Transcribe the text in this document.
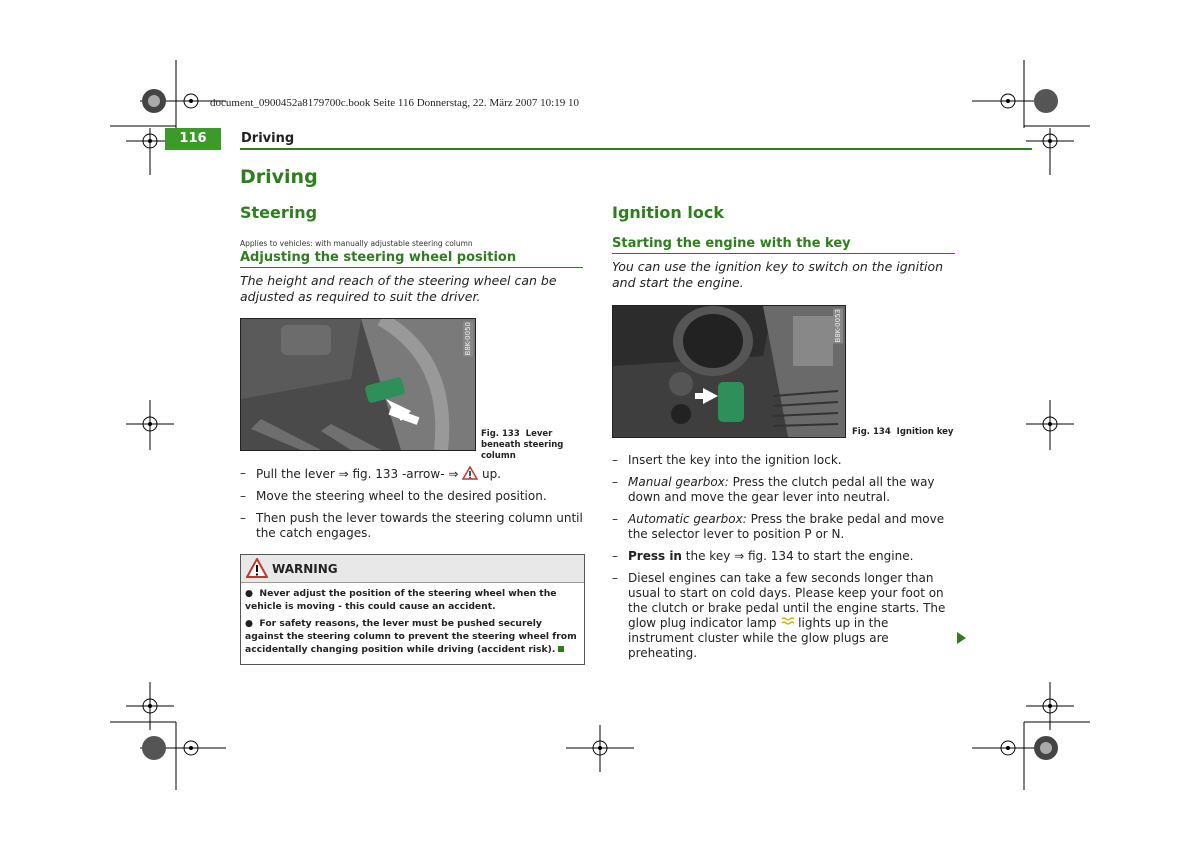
document_0900452a8179700c.book Seite 116 Donnerstag, 22. März 2007 10:19 10
116	Driving
Driving
Steering
Applies to vehicles: with manually adjustable steering column
Adjusting the steering wheel position
The height and reach of the steering wheel can be adjusted as required to suit the driver.
B8K-0050
Fig. 133 Lever beneath steering column
– Pull the lever ⇒ fig. 133 -arrow- ⇒  up.
– Move the steering wheel to the desired position.
– Then push the lever towards the steering column until the catch engages.
WARNING

●  Never adjust the position of the steering wheel when the vehicle is moving - this could cause an accident.

●  For safety reasons, the lever must be pushed securely against the steering column to prevent the steering wheel from accidentally changing position while driving (accident risk).

Ignition lock
Starting the engine with the key
You can use the ignition key to switch on the ignition and start the engine.
B8K-0053
Fig. 134 Ignition key
– Insert the key into the ignition lock.
– Manual gearbox: Press the clutch pedal all the way down and move the gear lever into neutral.
– Automatic gearbox: Press the brake pedal and move the selector lever to position P or N.
– Press in the key ⇒ fig. 134 to start the engine.
– Diesel engines can take a few seconds longer than usual to start on cold days. Please keep your foot on the clutch or brake pedal until the engine starts. The glow plug indicator lamp  lights up in the instrument cluster while the glow plugs are preheating.
